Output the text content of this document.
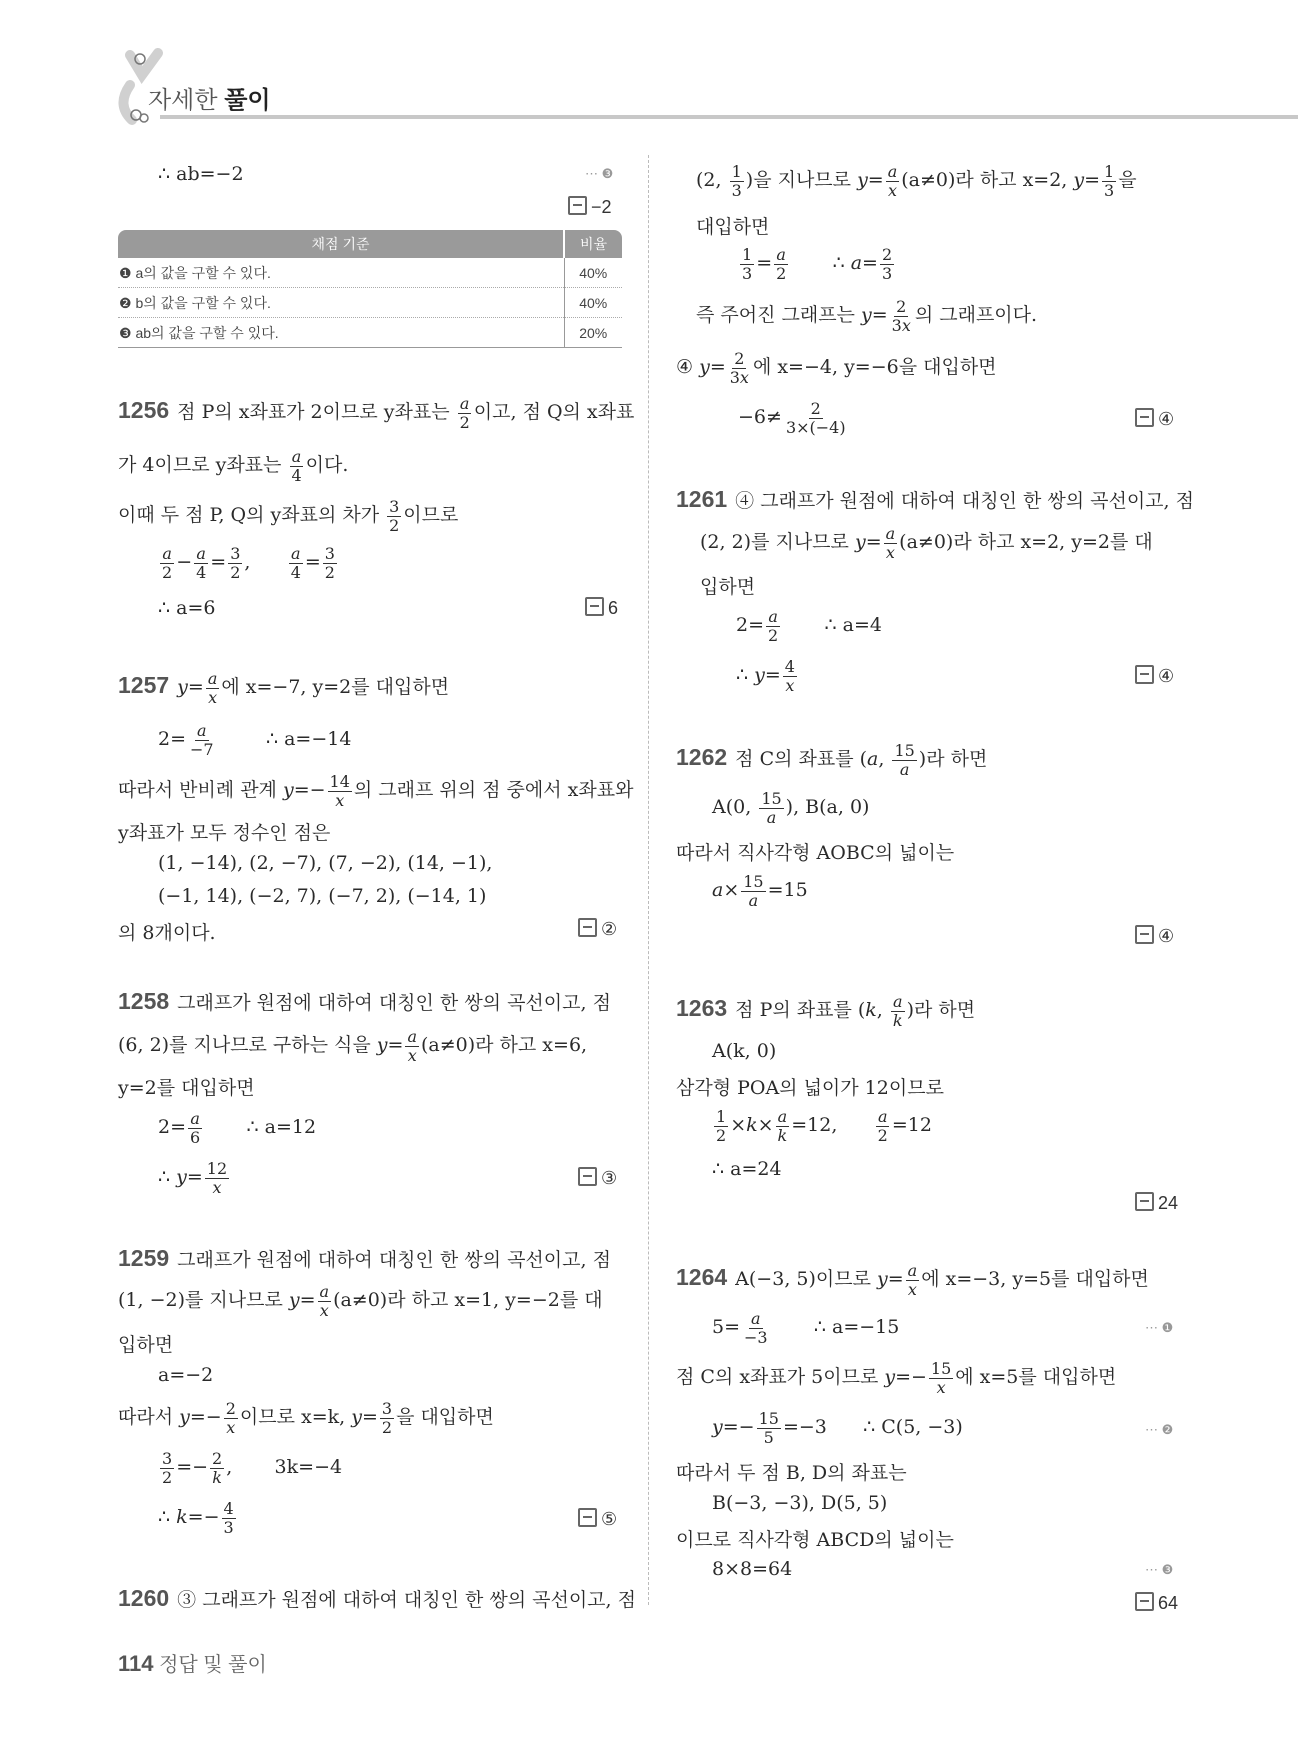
자세한 풀이
∴ ab=−2	⋯ ❸
−2
채점 기준	비율
❶ a의 값을 구할 수 있다.	40%
❷ b의 값을 구할 수 있다.	40%
❸ ab의 값을 구할 수 있다.	20%
1256 점 P의 x좌표가 2이므로 y좌표는 $\frac{a}{2}$ 이고, 점 Q의 x좌표
가 4이므로 y좌표는 $\frac{a}{4}$ 이다.
이때 두 점 P, Q의 y좌표의 차가 $\frac{3}{2}$ 이므로
$\frac{a}{2} - \frac{a}{4} = \frac{3}{2}$ , $\frac{a}{4} = \frac{3}{2}$
∴ a=6	6
1257 $y= \frac{a}{x}$ 에 x=−7, y=2를 대입하면
$2= \frac{a}{-7}$	∴ a=−14
따라서 반비례 관계 $y=- \frac{14}{x}$ 의 그래프 위의 점 중에서 x좌표와
y좌표가 모두 정수인 점은
(1, −14), (2, −7), (7, −2), (14, −1),
(−1, 14), (−2, 7), (−7, 2), (−14, 1)
의 8개이다.	②
1258 그래프가 원점에 대하여 대칭인 한 쌍의 곡선이고, 점
(6, 2)를 지나므로 구하는 식을 $y= \frac{a}{x} (a\ne 0)$라 하고 x=6,
y=2를 대입하면
$2= \frac{a}{6}$ ∴ a=12
∴ $y= \frac{12}{x}$	③
1259 그래프가 원점에 대하여 대칭인 한 쌍의 곡선이고, 점
(1, −2)를 지나므로 $y= \frac{a}{x} (a\ne 0)$라 하고 x=1, y=−2를 대
입하면
a=−2
따라서 $y=- \frac{2}{x}$ 이므로 x=k, $y= \frac{3}{2}$ 을 대입하면
$\frac{3}{2} =- \frac{2}{k}$ ,       3k=−4
∴ $k=- \frac{4}{3}$	⑤
1260 ③ 그래프가 원점에 대하여 대칭인 한 쌍의 곡선이고, 점
(2, $\frac{1}{3}$ )을 지나므로 $y= \frac{a}{x} (a\ne 0)$라 하고 x=2, $y= \frac{1}{3}$ 을
대입하면
$\frac{1}{3} = \frac{a}{2}$ ∴ $a= \frac{2}{3}$
즉 주어진 그래프는 $y= \frac{2}{3x}$ 의 그래프이다.
④ $y= \frac{2}{3x}$ 에 x=−4, y=−6을 대입하면
$-6\ne \frac{2}{3\times(-4)}$	④
1261 ④ 그래프가 원점에 대하여 대칭인 한 쌍의 곡선이고, 점
(2, 2)를 지나므로 $y= \frac{a}{x} (a\ne 0)$라 하고 x=2, y=2를 대
입하면
$2= \frac{a}{2}$ ∴ a=4
∴ $y= \frac{4}{x}$	④
1262 점 C의 좌표를 (a, $\frac{15}{a}$ )라 하면
A(0, $\frac{15}{a}$ ), B(a, 0)
따라서 직사각형 AOBC의 넓이는
$a\times \frac{15}{a} =15$
④
1263 점 P의 좌표를 (k, $\frac{a}{k}$ )라 하면
A(k, 0)
삼각형 POA의 넓이가 12이므로
$\frac{1}{2} \times k\times \frac{a}{k} =12$, $\frac{a}{2} =12$
∴ a=24
24
1264 A(−3, 5)이므로 $y= \frac{a}{x}$ 에 x=−3, y=5를 대입하면
$5= \frac{a}{-3}$ ∴ a=−15	⋯ ❶
점 C의 x좌표가 5이므로 $y=- \frac{15}{x}$ 에 x=5를 대입하면
$y=- \frac{15}{5} =-3$      ∴ C(5, −3)	⋯ ❷
따라서 두 점 B, D의 좌표는
B(−3, −3), D(5, 5)
이므로 직사각형 ABCD의 넓이는
8×8=64	⋯ ❸
64
114 정답 및 풀이
